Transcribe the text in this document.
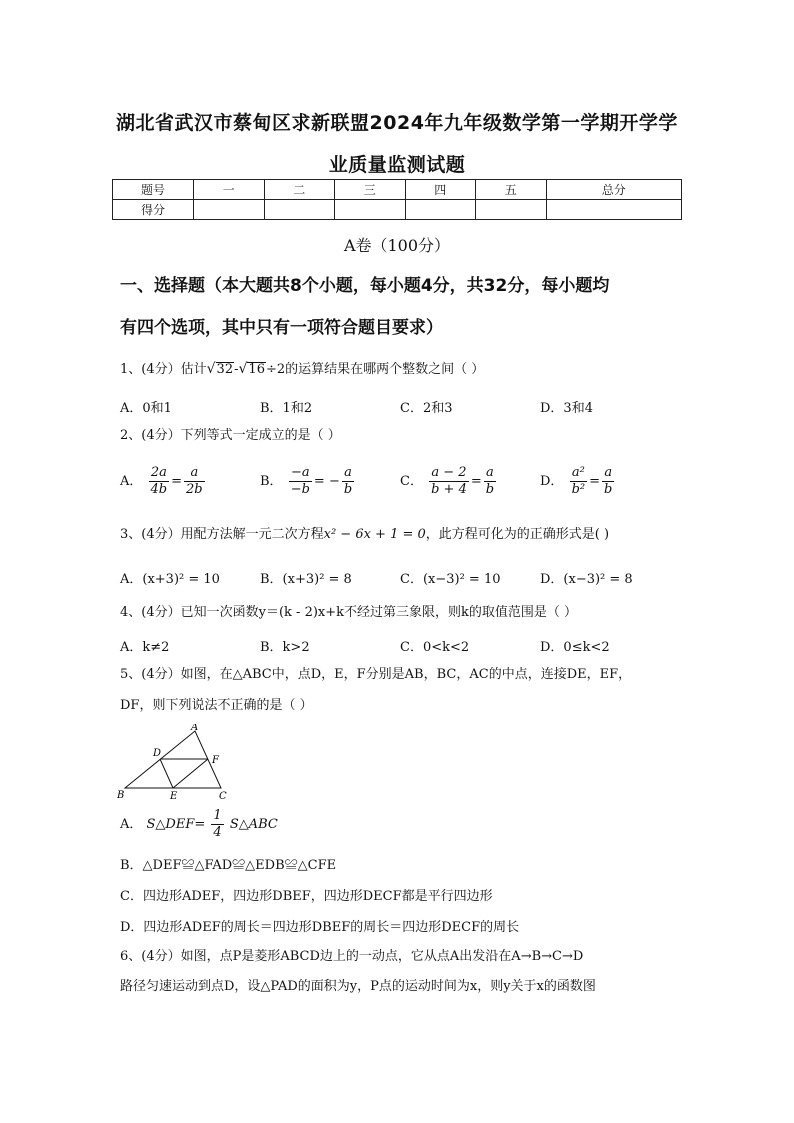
湖北省武汉市蔡甸区求新联盟2024年九年级数学第一学期开学学
业质量监测试题
题号	一	二	三	四	五	总分
得分						
A卷（100分）
一、选择题（本大题共8个小题，每小题4分，共32分，每小题均
有四个选项，其中只有一项符合题目要求）
1、(4分）估计√32-√16÷2的运算结果在哪两个整数之间（ ）
A．0和1	B．1和2	C．2和3	D．3和4
2、(4分）下列等式一定成立的是（ ）
A． $\frac{2a}{4b} = \frac{a}{2b}$	B． $\frac{-a}{-b}$ = − $\frac{a}{b}$	C． $\frac{a - 2}{b + 4} = \frac{a}{b}$	D． $\frac{\text{a²}}{\text{b²}} = \frac{a}{b}$
3、(4分）用配方法解一元二次方程x² − 6x + 1 = 0，此方程可化为的正确形式是( )
A．(x+3)² = 10	B．(x+3)² = 8	C．(x−3)² = 10	D．(x−3)² = 8
4、(4分）已知一次函数y＝(k - 2)x+k不经过第三象限，则k的取值范围是（ ）
A．k≠2	B．k>2	C．0<k<2	D．0≤k<2
5、(4分）如图，在△ABC中，点D，E，F分别是AB，BC，AC的中点，连接DE，EF，
DF，则下列说法不正确的是（ ）
A
B	C
D
E
F
A． S△DEF= $\frac{1}{4}$ S△ABC
B．△DEF≌△FAD≌△EDB≌△CFE
C．四边形ADEF，四边形DBEF，四边形DECF都是平行四边形
D．四边形ADEF的周长＝四边形DBEF的周长＝四边形DECF的周长
6、(4分）如图，点P是菱形ABCD边上的一动点，它从点A出发沿在A→B→C→D
路径匀速运动到点D，设△PAD的面积为y，P点的运动时间为x，则y关于x的函数图
